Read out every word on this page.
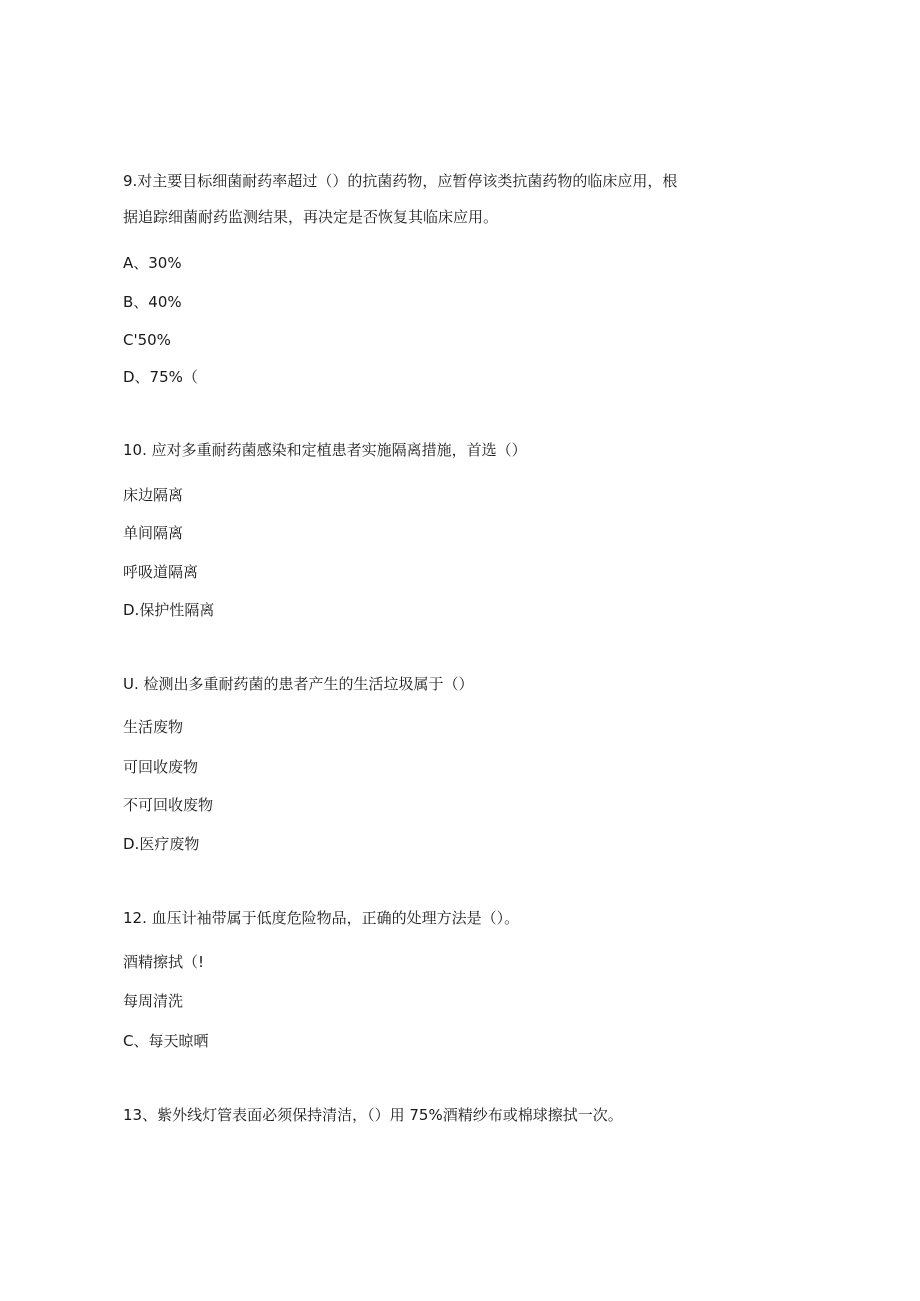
9.对主要目标细菌耐药率超过（）的抗菌药物，应暂停该类抗菌药物的临床应用，根
据追踪细菌耐药监测结果，再决定是否恢复其临床应用。
A、30%
B、40%
C'50%
D、75%（
10. 应对多重耐药菌感染和定植患者实施隔离措施，首选（）
床边隔离
单间隔离
呼吸道隔离
D.保护性隔离
U. 检测出多重耐药菌的患者产生的生活垃圾属于（）
生活废物
可回收废物
不可回收废物
D.医疗废物
12. 血压计袖带属于低度危险物品，正确的处理方法是（）。
酒精擦拭（!
每周清洗
C、每天晾晒
13、紫外线灯管表面必须保持清洁，（）用 75%酒精纱布或棉球擦拭一次。
